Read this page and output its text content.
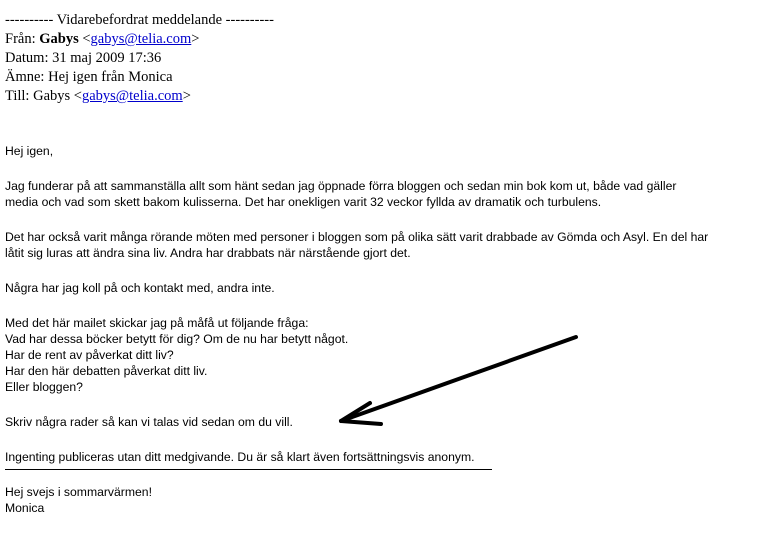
---------- Vidarebefordrat meddelande ----------
Från: Gabys <gabys@telia.com>
Datum: 31 maj 2009 17:36
Ämne: Hej igen från Monica
Till: Gabys <gabys@telia.com>
Hej igen,
Jag funderar på att sammanställa allt som hänt sedan jag öppnade förra bloggen och sedan min bok kom ut, både vad gäller
media och vad som skett bakom kulisserna. Det har onekligen varit 32 veckor fyllda av dramatik och turbulens.
Det har också varit många rörande möten med personer i bloggen som på olika sätt varit drabbade av Gömda och Asyl. En del har
låtit sig luras att ändra sina liv. Andra har drabbats när närstående gjort det.
Några har jag koll på och kontakt med, andra inte.
Med det här mailet skickar jag på måfå ut följande fråga:
Vad har dessa böcker betytt för dig? Om de nu har betytt något.
Har de rent av påverkat ditt liv?
Har den här debatten påverkat ditt liv.
Eller bloggen?
Skriv några rader så kan vi talas vid sedan om du vill.
Ingenting publiceras utan ditt medgivande. Du är så klart även fortsättningsvis anonym.
Hej svejs i sommarvärmen!
Monica
